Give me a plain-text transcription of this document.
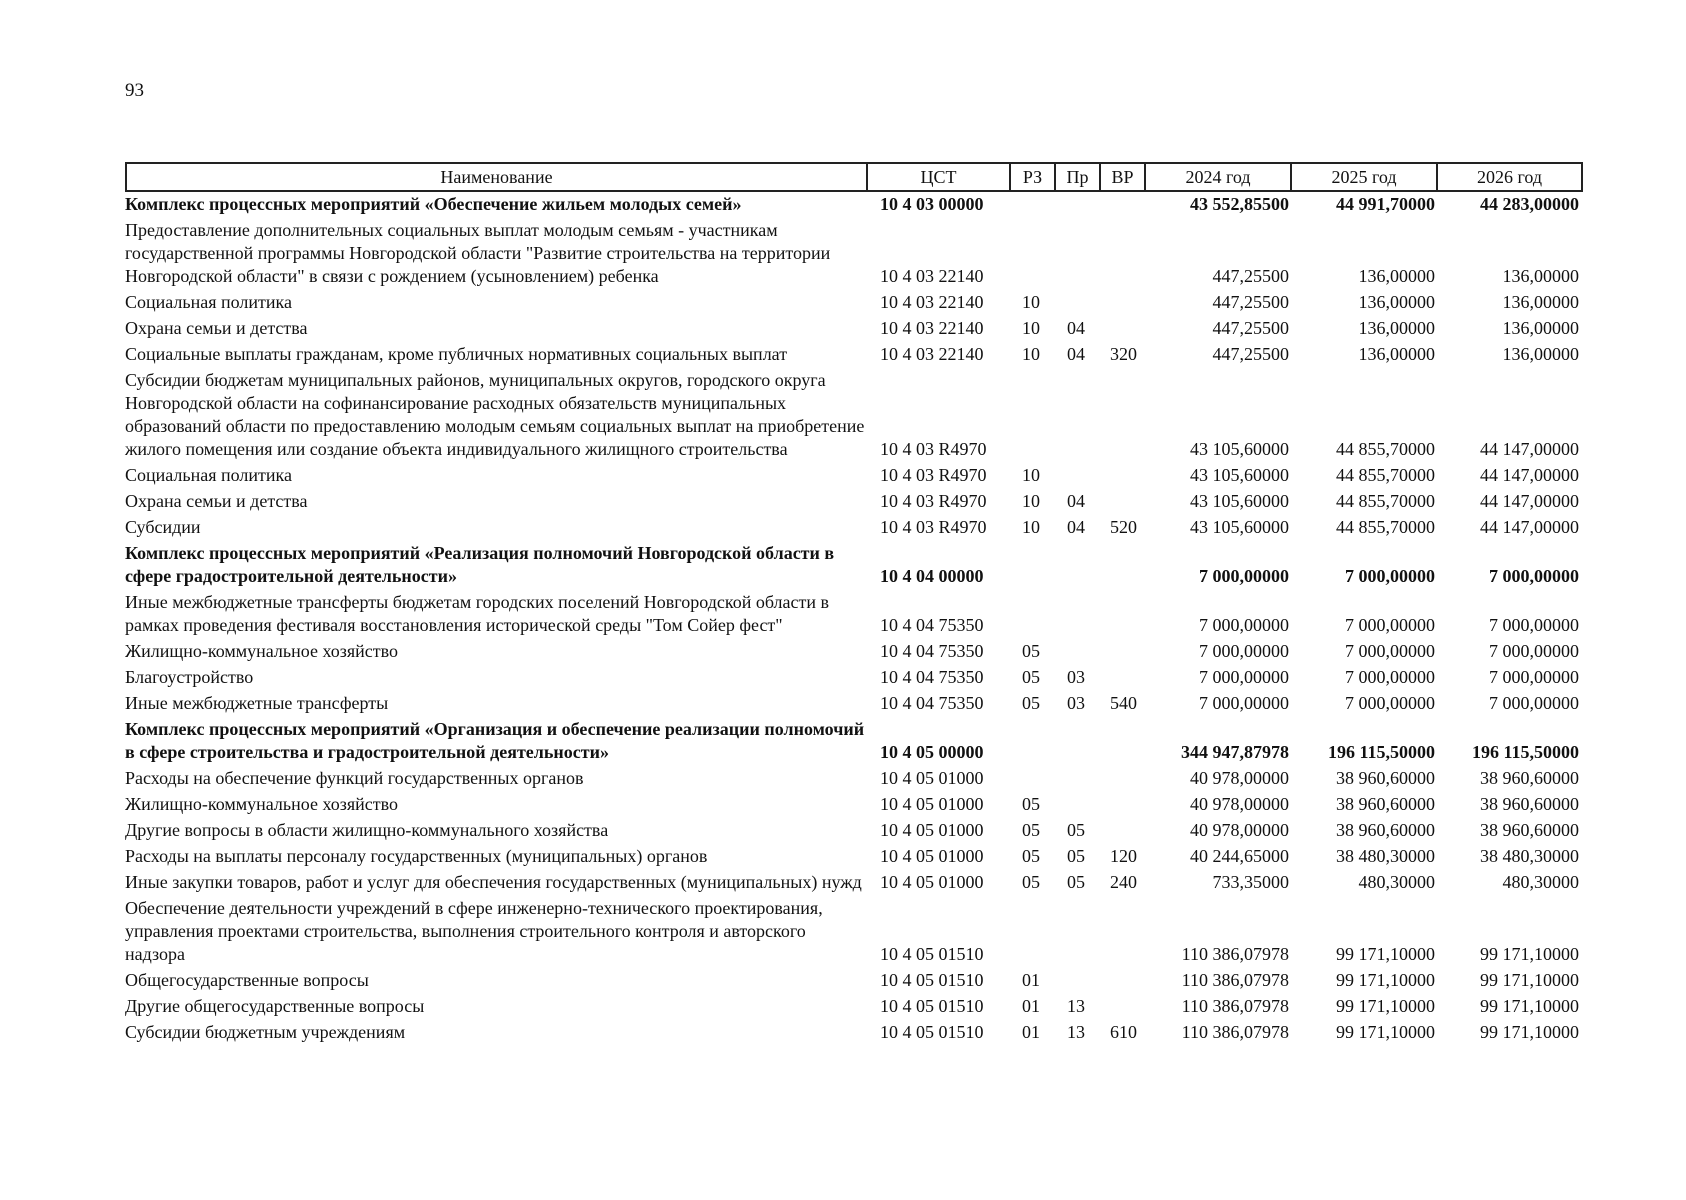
93
Наименование	ЦСТ	РЗ	Пр	ВР	2024 год	2025 год	2026 год
Комплекс процессных мероприятий «Обеспечение жильем молодых семей»	10 4 03 00000				43 552,85500	44 991,70000	44 283,00000
Предоставление дополнительных социальных выплат молодым семьям - участникам государственной программы Новгородской области "Развитие строительства на территории Новгородской области" в связи с рождением (усыновлением) ребенка	10 4 03 22140				447,25500	136,00000	136,00000
Социальная политика	10 4 03 22140	10			447,25500	136,00000	136,00000
Охрана семьи и детства	10 4 03 22140	10	04		447,25500	136,00000	136,00000
Социальные выплаты гражданам, кроме публичных нормативных социальных выплат	10 4 03 22140	10	04	320	447,25500	136,00000	136,00000
Субсидии бюджетам муниципальных районов, муниципальных округов, городского округа Новгородской области на софинансирование расходных обязательств муниципальных образований области по предоставлению молодым семьям социальных выплат на приобретение жилого помещения или создание объекта индивидуального жилищного строительства	10 4 03 R4970				43 105,60000	44 855,70000	44 147,00000
Социальная политика	10 4 03 R4970	10			43 105,60000	44 855,70000	44 147,00000
Охрана семьи и детства	10 4 03 R4970	10	04		43 105,60000	44 855,70000	44 147,00000
Субсидии	10 4 03 R4970	10	04	520	43 105,60000	44 855,70000	44 147,00000
Комплекс процессных мероприятий «Реализация полномочий Новгородской области в сфере градостроительной деятельности»	10 4 04 00000				7 000,00000	7 000,00000	7 000,00000
Иные межбюджетные трансферты бюджетам городских поселений Новгородской области в рамках проведения фестиваля восстановления исторической среды "Том Сойер фест"	10 4 04 75350				7 000,00000	7 000,00000	7 000,00000
Жилищно-коммунальное хозяйство	10 4 04 75350	05			7 000,00000	7 000,00000	7 000,00000
Благоустройство	10 4 04 75350	05	03		7 000,00000	7 000,00000	7 000,00000
Иные межбюджетные трансферты	10 4 04 75350	05	03	540	7 000,00000	7 000,00000	7 000,00000
Комплекс процессных мероприятий «Организация и обеспечение реализации полномочий в сфере строительства и градостроительной деятельности»	10 4 05 00000				344 947,87978	196 115,50000	196 115,50000
Расходы на обеспечение функций государственных органов	10 4 05 01000				40 978,00000	38 960,60000	38 960,60000
Жилищно-коммунальное хозяйство	10 4 05 01000	05			40 978,00000	38 960,60000	38 960,60000
Другие вопросы в области жилищно-коммунального хозяйства	10 4 05 01000	05	05		40 978,00000	38 960,60000	38 960,60000
Расходы на выплаты персоналу государственных (муниципальных) органов	10 4 05 01000	05	05	120	40 244,65000	38 480,30000	38 480,30000
Иные закупки товаров, работ и услуг для обеспечения государственных (муниципальных) нужд	10 4 05 01000	05	05	240	733,35000	480,30000	480,30000
Обеспечение деятельности учреждений в сфере инженерно-технического проектирования, управления проектами строительства, выполнения строительного контроля и авторского надзора	10 4 05 01510				110 386,07978	99 171,10000	99 171,10000
Общегосударственные вопросы	10 4 05 01510	01			110 386,07978	99 171,10000	99 171,10000
Другие общегосударственные вопросы	10 4 05 01510	01	13		110 386,07978	99 171,10000	99 171,10000
Субсидии бюджетным учреждениям	10 4 05 01510	01	13	610	110 386,07978	99 171,10000	99 171,10000
